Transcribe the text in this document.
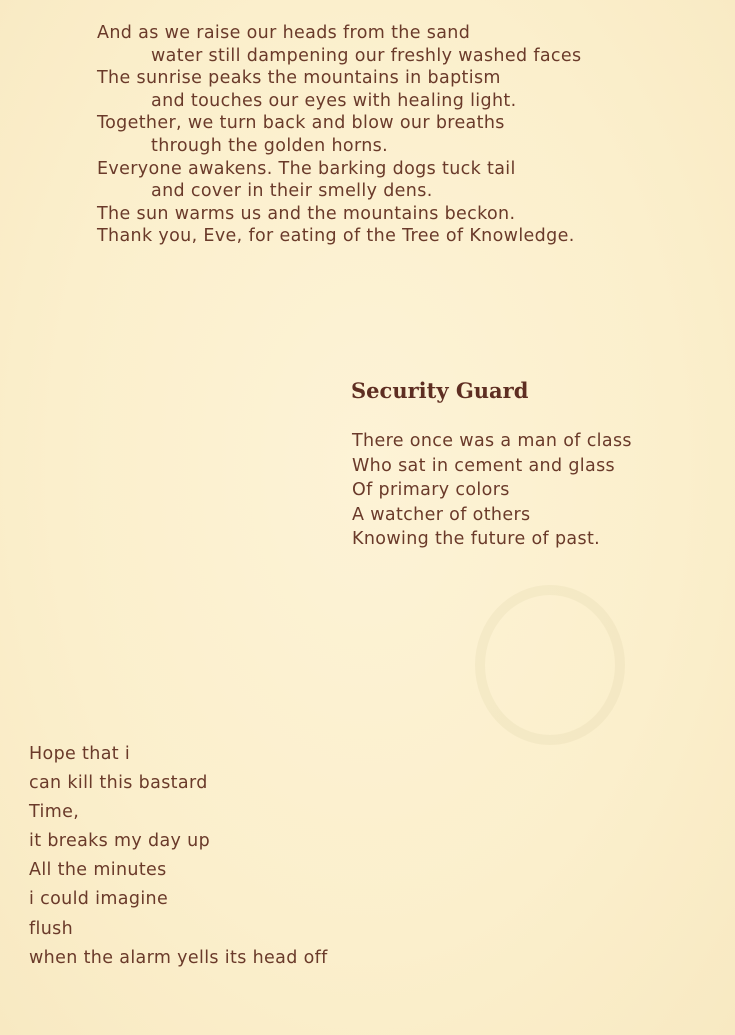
And as we raise our heads from the sand
water still dampening our freshly washed faces
The sunrise peaks the mountains in baptism
and touches our eyes with healing light.
Together, we turn back and blow our breaths
through the golden horns.
Everyone awakens. The barking dogs tuck tail
and cover in their smelly dens.
The sun warms us and the mountains beckon.
Thank you, Eve, for eating of the Tree of Knowledge.
Security Guard
There once was a man of class
Who sat in cement and glass
Of primary colors
A watcher of others
Knowing the future of past.
Hope that i
can kill this bastard
Time,
it breaks my day up
All the minutes
i could imagine
flush
when the alarm yells its head off
